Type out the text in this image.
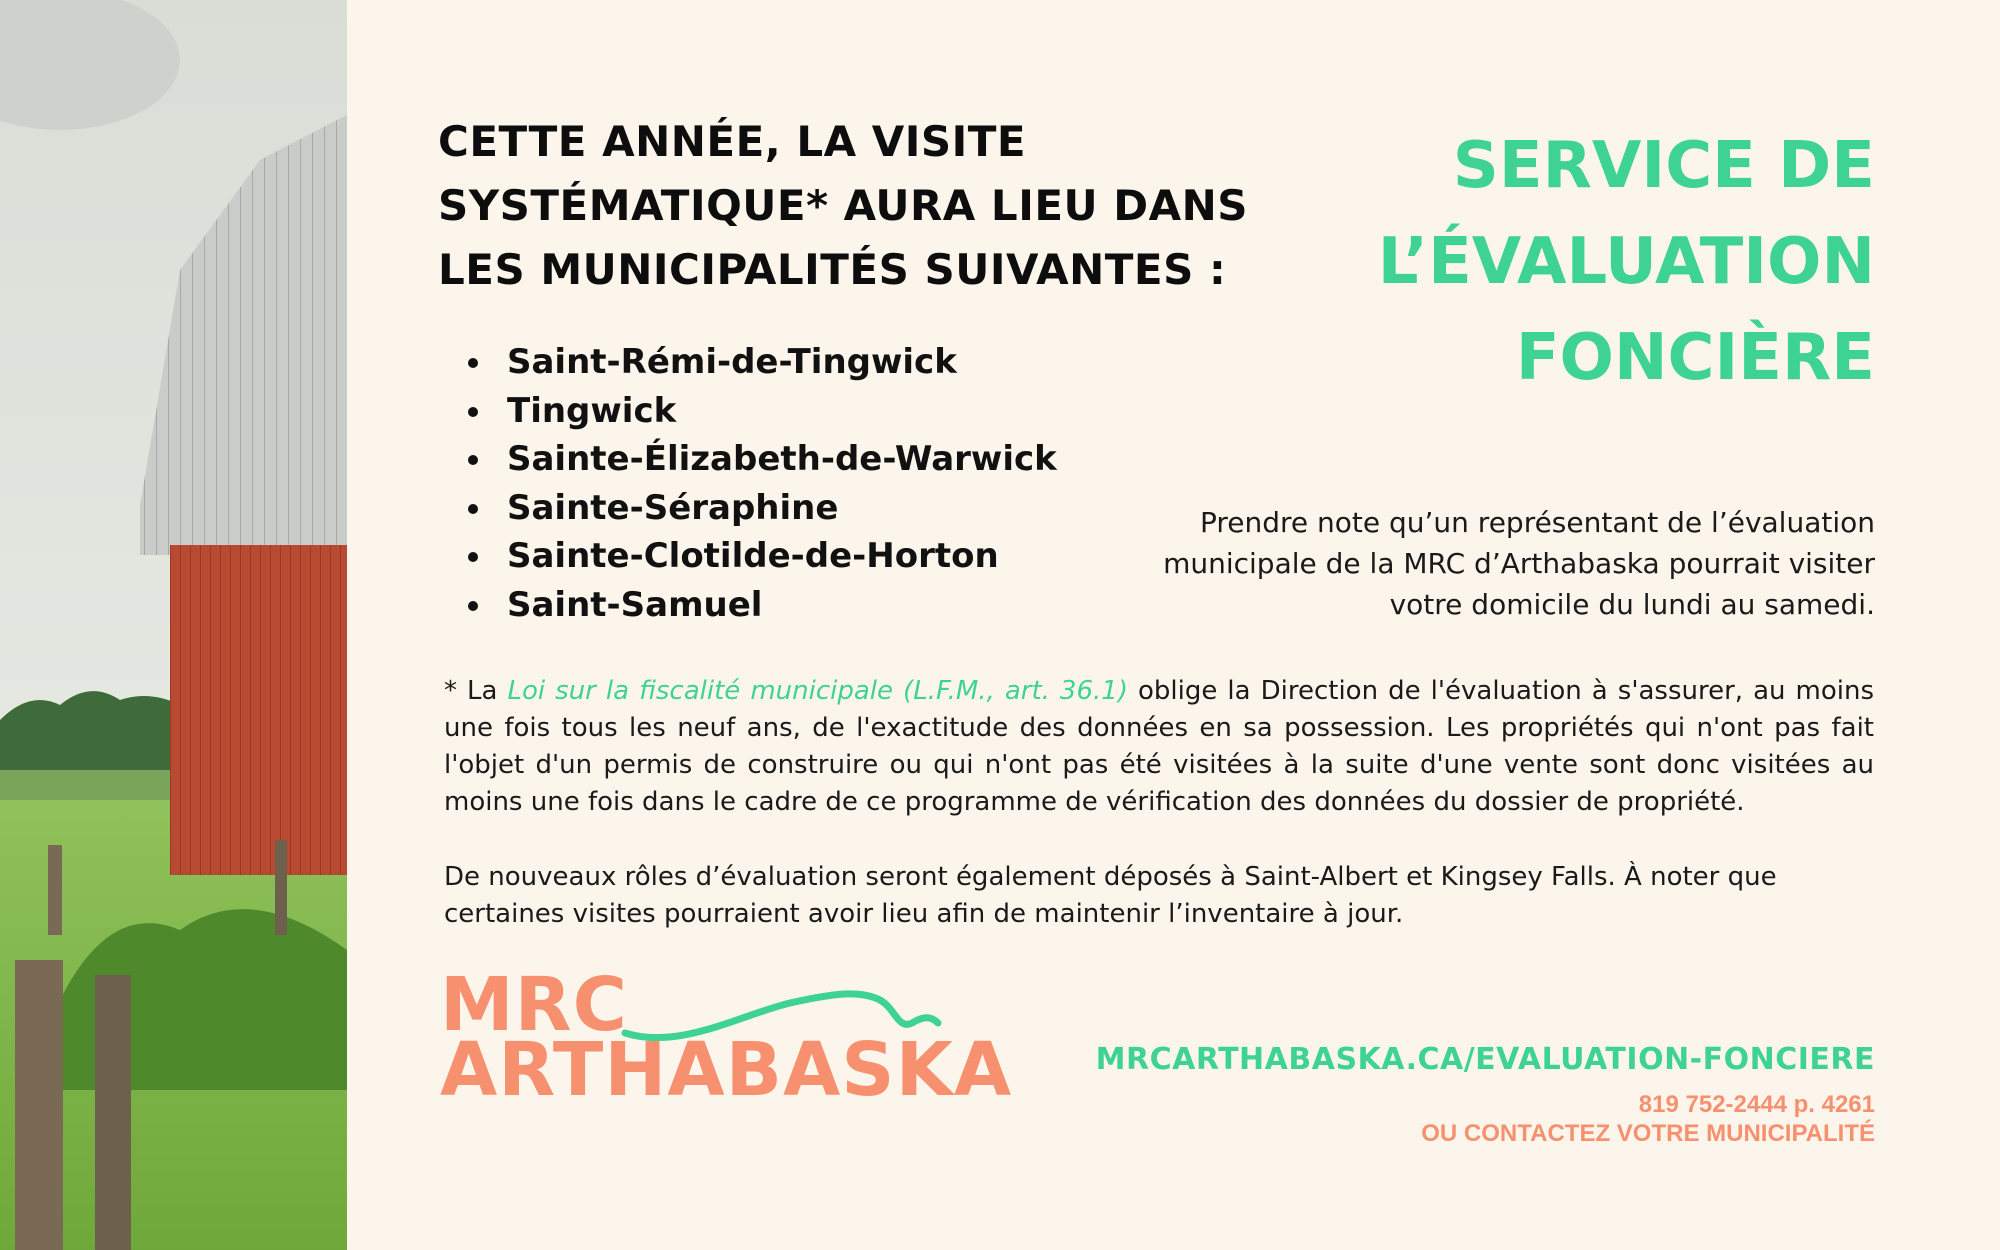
CETTE ANNÉE, LA VISITE SYSTÉMATIQUE* AURA LIEU DANS LES MUNICIPALITÉS SUIVANTES :
SERVICE DE L’ÉVALUATION FONCIÈRE
• Saint-Rémi-de-Tingwick
• Tingwick
• Sainte-Élizabeth-de-Warwick
• Sainte-Séraphine
• Sainte-Clotilde-de-Horton
• Saint-Samuel

Prendre note qu’un représentant de l’évaluation municipale de la MRC d’Arthabaska pourrait visiter votre domicile du lundi au samedi.

* La Loi sur la fiscalité municipale (L.F.M., art. 36.1) oblige la Direction de l'évaluation à s'assurer, au moins une fois tous les neuf ans, de l'exactitude des données en sa possession. Les propriétés qui n'ont pas fait l'objet d'un permis de construire ou qui n'ont pas été visitées à la suite d'une vente sont donc visitées au moins une fois dans le cadre de ce programme de vérification des données du dossier de propriété.

De nouveaux rôles d’évaluation seront également déposés à Saint-Albert et Kingsey Falls. À noter que certaines visites pourraient avoir lieu afin de maintenir l’inventaire à jour.

MRC
ARTHABASKA	MRCARTHABASKA.CA/EVALUATION-FONCIERE

819 752-2444 p. 4261

OU CONTACTEZ VOTRE MUNICIPALITÉ
